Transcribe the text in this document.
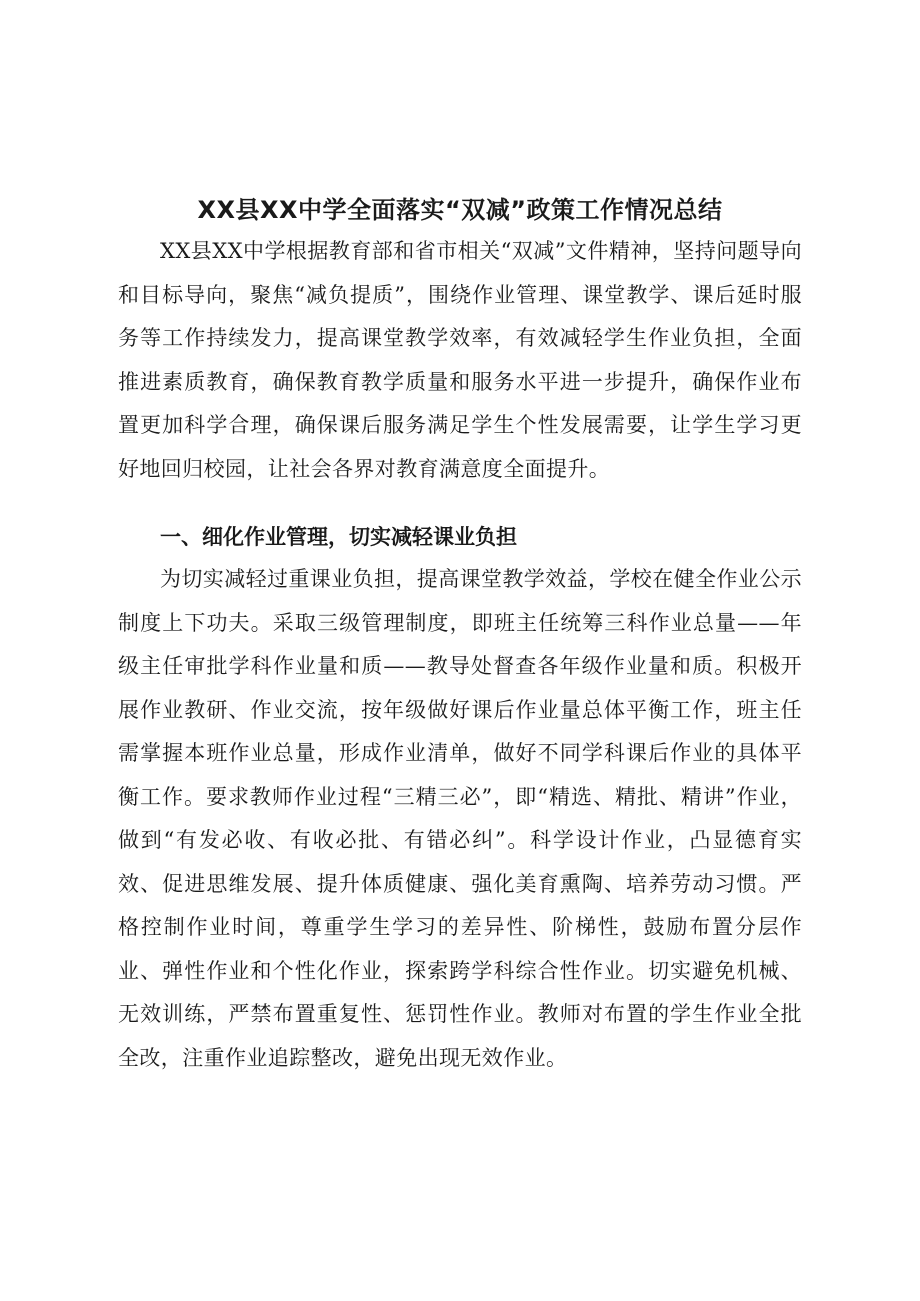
XX县XX中学全面落实“双减”政策工作情况总结
XX县XX中学根据教育部和省市相关“双减”文件精神，坚持问题导向和目标导向，聚焦“减负提质”，围绕作业管理、课堂教学、课后延时服务等工作持续发力，提高课堂教学效率，有效减轻学生作业负担，全面推进素质教育，确保教育教学质量和服务水平进一步提升，确保作业布置更加科学合理，确保课后服务满足学生个性发展需要，让学生学习更好地回归校园，让社会各界对教育满意度全面提升。
一、细化作业管理，切实减轻课业负担
为切实减轻过重课业负担，提高课堂教学效益，学校在健全作业公示制度上下功夫。采取三级管理制度，即班主任统筹三科作业总量——年级主任审批学科作业量和质——教导处督查各年级作业量和质。积极开展作业教研、作业交流，按年级做好课后作业量总体平衡工作，班主任需掌握本班作业总量，形成作业清单，做好不同学科课后作业的具体平衡工作。要求教师作业过程“三精三必”，即“精选、精批、精讲”作业，做到“有发必收、有收必批、有错必纠”。科学设计作业，凸显德育实效、促进思维发展、提升体质健康、强化美育熏陶、培养劳动习惯。严格控制作业时间，尊重学生学习的差异性、阶梯性，鼓励布置分层作业、弹性作业和个性化作业，探索跨学科综合性作业。切实避免机械、无效训练，严禁布置重复性、惩罚性作业。教师对布置的学生作业全批全改，注重作业追踪整改，避免出现无效作业。
